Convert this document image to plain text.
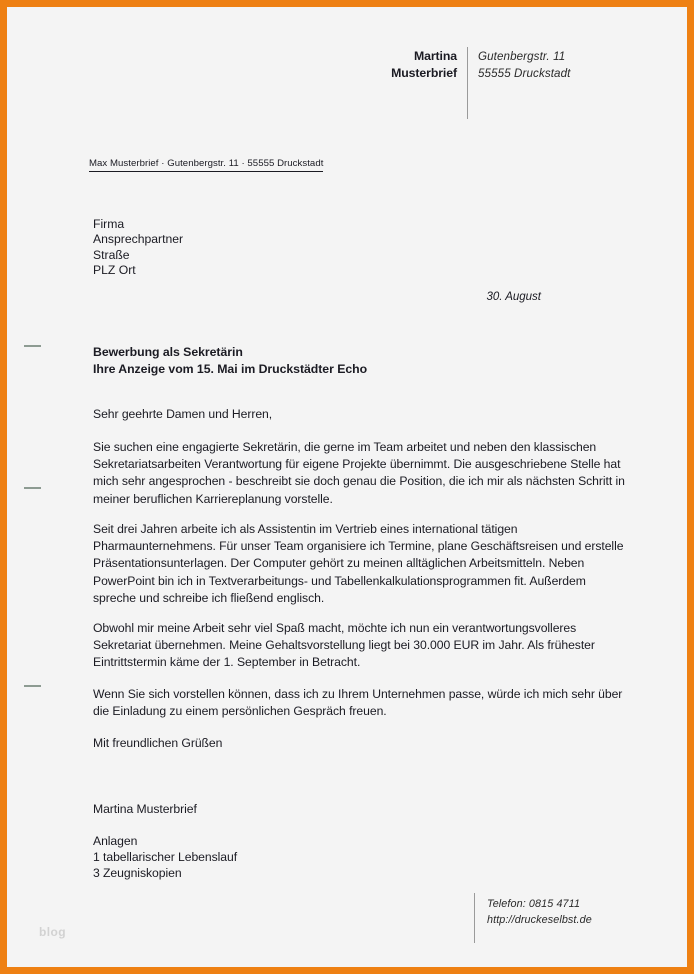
Martina
Musterbrief
Gutenbergstr. 11
55555 Druckstadt
Max Musterbrief · Gutenbergstr. 11 · 55555 Druckstadt
Firma
Ansprechpartner
Straße
PLZ Ort
30. August
Bewerbung als Sekretärin
Ihre Anzeige vom 15. Mai im Druckstädter Echo
Sehr geehrte Damen und Herren,
Sie suchen eine engagierte Sekretärin, die gerne im Team arbeitet und neben den klassischen Sekretariatsarbeiten Verantwortung für eigene Projekte übernimmt. Die ausgeschriebene Stelle hat mich sehr angesprochen - beschreibt sie doch genau die Position, die ich mir als nächsten Schritt in meiner beruflichen Karriereplanung vorstelle.
Seit drei Jahren arbeite ich als Assistentin im Vertrieb eines international tätigen Pharmaunternehmens. Für unser Team organisiere ich Termine, plane Geschäftsreisen und erstelle Präsentationsunterlagen. Der Computer gehört zu meinen alltäglichen Arbeitsmitteln. Neben PowerPoint bin ich in Textverarbeitungs- und Tabellenkalkulationsprogrammen fit. Außerdem spreche und schreibe ich fließend englisch.
Obwohl mir meine Arbeit sehr viel Spaß macht, möchte ich nun ein verantwortungsvolleres Sekretariat übernehmen. Meine Gehaltsvorstellung liegt bei 30.000 EUR im Jahr. Als frühester Eintrittstermin käme der 1. September in Betracht.
Wenn Sie sich vorstellen können, dass ich zu Ihrem Unternehmen passe, würde ich mich sehr über die Einladung zu einem persönlichen Gespräch freuen.
Mit freundlichen Grüßen
Martina Musterbrief
Anlagen
1 tabellarischer Lebenslauf
3 Zeugniskopien
Telefon: 0815 4711
http://druckeselbst.de
blog
